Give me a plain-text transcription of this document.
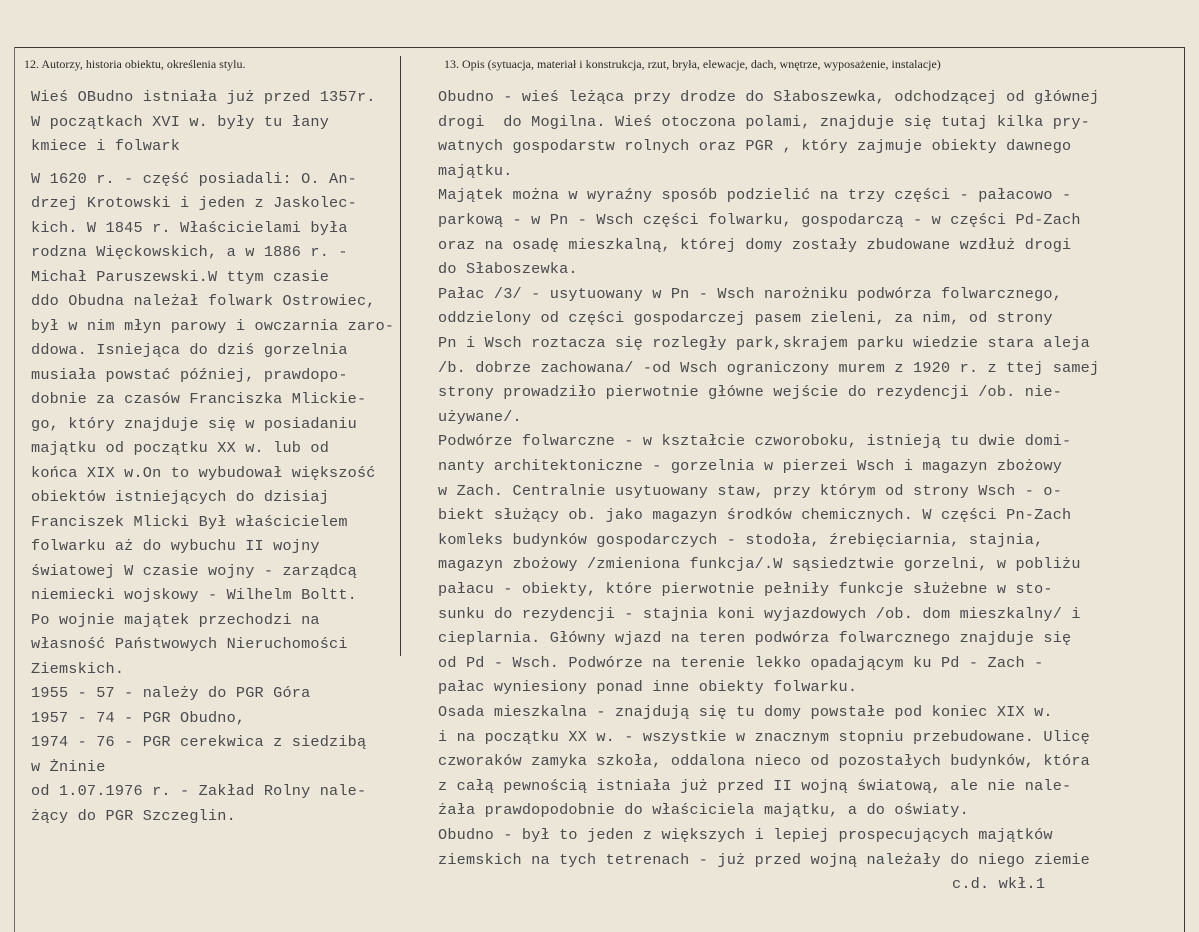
12. Autorzy, historia obiektu, określenia stylu.	13. Opis (sytuacja, materiał i konstrukcja, rzut, bryła, elewacje, dach, wnętrze, wyposażenie, instalacje)
Wieś OBudno istniała już przed 1357r.
W początkach XVI w. były tu łany
kmiece i folwark
W 1620 r. - część posiadali: O. An-
drzej Krotowski i jeden z Jaskolec-
kich. W 1845 r. Właścicielami była
rodzna Więckowskich, a w 1886 r. -
Michał Paruszewski.W ttym czasie
ddo Obudna należał folwark Ostrowiec,
był w nim młyn parowy i owczarnia zaro-
ddowa. Isniejąca do dziś gorzelnia
musiała powstać później, prawdopo-
dobnie za czasów Franciszka Mlickie-
go, który znajduje się w posiadaniu
majątku od początku XX w. lub od
końca XIX w.On to wybudował większość
obiektów istniejących do dzisiaj
Franciszek Mlicki Był właścicielem
folwarku aż do wybuchu II wojny
światowej W czasie wojny - zarządcą
niemiecki wojskowy - Wilhelm Boltt.
Po wojnie majątek przechodzi na
własność Państwowych Nieruchomości
Ziemskich.
1955 - 57 - należy do PGR Góra
1957 - 74 - PGR Obudno,
1974 - 76 - PGR cerekwica z siedzibą
w Żninie
od 1.07.1976 r. - Zakład Rolny nale-
żący do PGR Szczeglin.
Obudno - wieś leżąca przy drodze do Słaboszewka, odchodzącej od głównej
drogi  do Mogilna. Wieś otoczona polami, znajduje się tutaj kilka pry-
watnych gospodarstw rolnych oraz PGR , który zajmuje obiekty dawnego
majątku.
Majątek można w wyraźny sposób podzielić na trzy części - pałacowo -
parkową - w Pn - Wsch części folwarku, gospodarczą - w części Pd-Zach
oraz na osadę mieszkalną, której domy zostały zbudowane wzdłuż drogi
do Słaboszewka.
Pałac /3/ - usytuowany w Pn - Wsch narożniku podwórza folwarcznego,
oddzielony od części gospodarczej pasem zieleni, za nim, od strony
Pn i Wsch roztacza się rozległy park,skrajem parku wiedzie stara aleja
/b. dobrze zachowana/ -od Wsch ograniczony murem z 1920 r. z ttej samej
strony prowadziło pierwotnie główne wejście do rezydencji /ob. nie-
używane/.
Podwórze folwarczne - w kształcie czworoboku, istnieją tu dwie domi-
nanty architektoniczne - gorzelnia w pierzei Wsch i magazyn zbożowy
w Zach. Centralnie usytuowany staw, przy którym od strony Wsch - o-
biekt służący ob. jako magazyn środków chemicznych. W części Pn-Zach
komleks budynków gospodarczych - stodoła, źrebięciarnia, stajnia,
magazyn zbożowy /zmieniona funkcja/.W sąsiedztwie gorzelni, w pobliżu
pałacu - obiekty, które pierwotnie pełniły funkcje służebne w sto-
sunku do rezydencji - stajnia koni wyjazdowych /ob. dom mieszkalny/ i
cieplarnia. Główny wjazd na teren podwórza folwarcznego znajduje się
od Pd - Wsch. Podwórze na terenie lekko opadającym ku Pd - Zach -
pałac wyniesiony ponad inne obiekty folwarku.
Osada mieszkalna - znajdują się tu domy powstałe pod koniec XIX w.
i na początku XX w. - wszystkie w znacznym stopniu przebudowane. Ulicę
czworaków zamyka szkoła, oddalona nieco od pozostałych budynków, która
z całą pewnością istniała już przed II wojną światową, ale nie nale-
żała prawdopodobnie do właściciela majątku, a do oświaty.
Obudno - był to jeden z większych i lepiej prospecujących majątków
ziemskich na tych tetrenach - już przed wojną należały do niego ziemie
c.d. wkł.1
